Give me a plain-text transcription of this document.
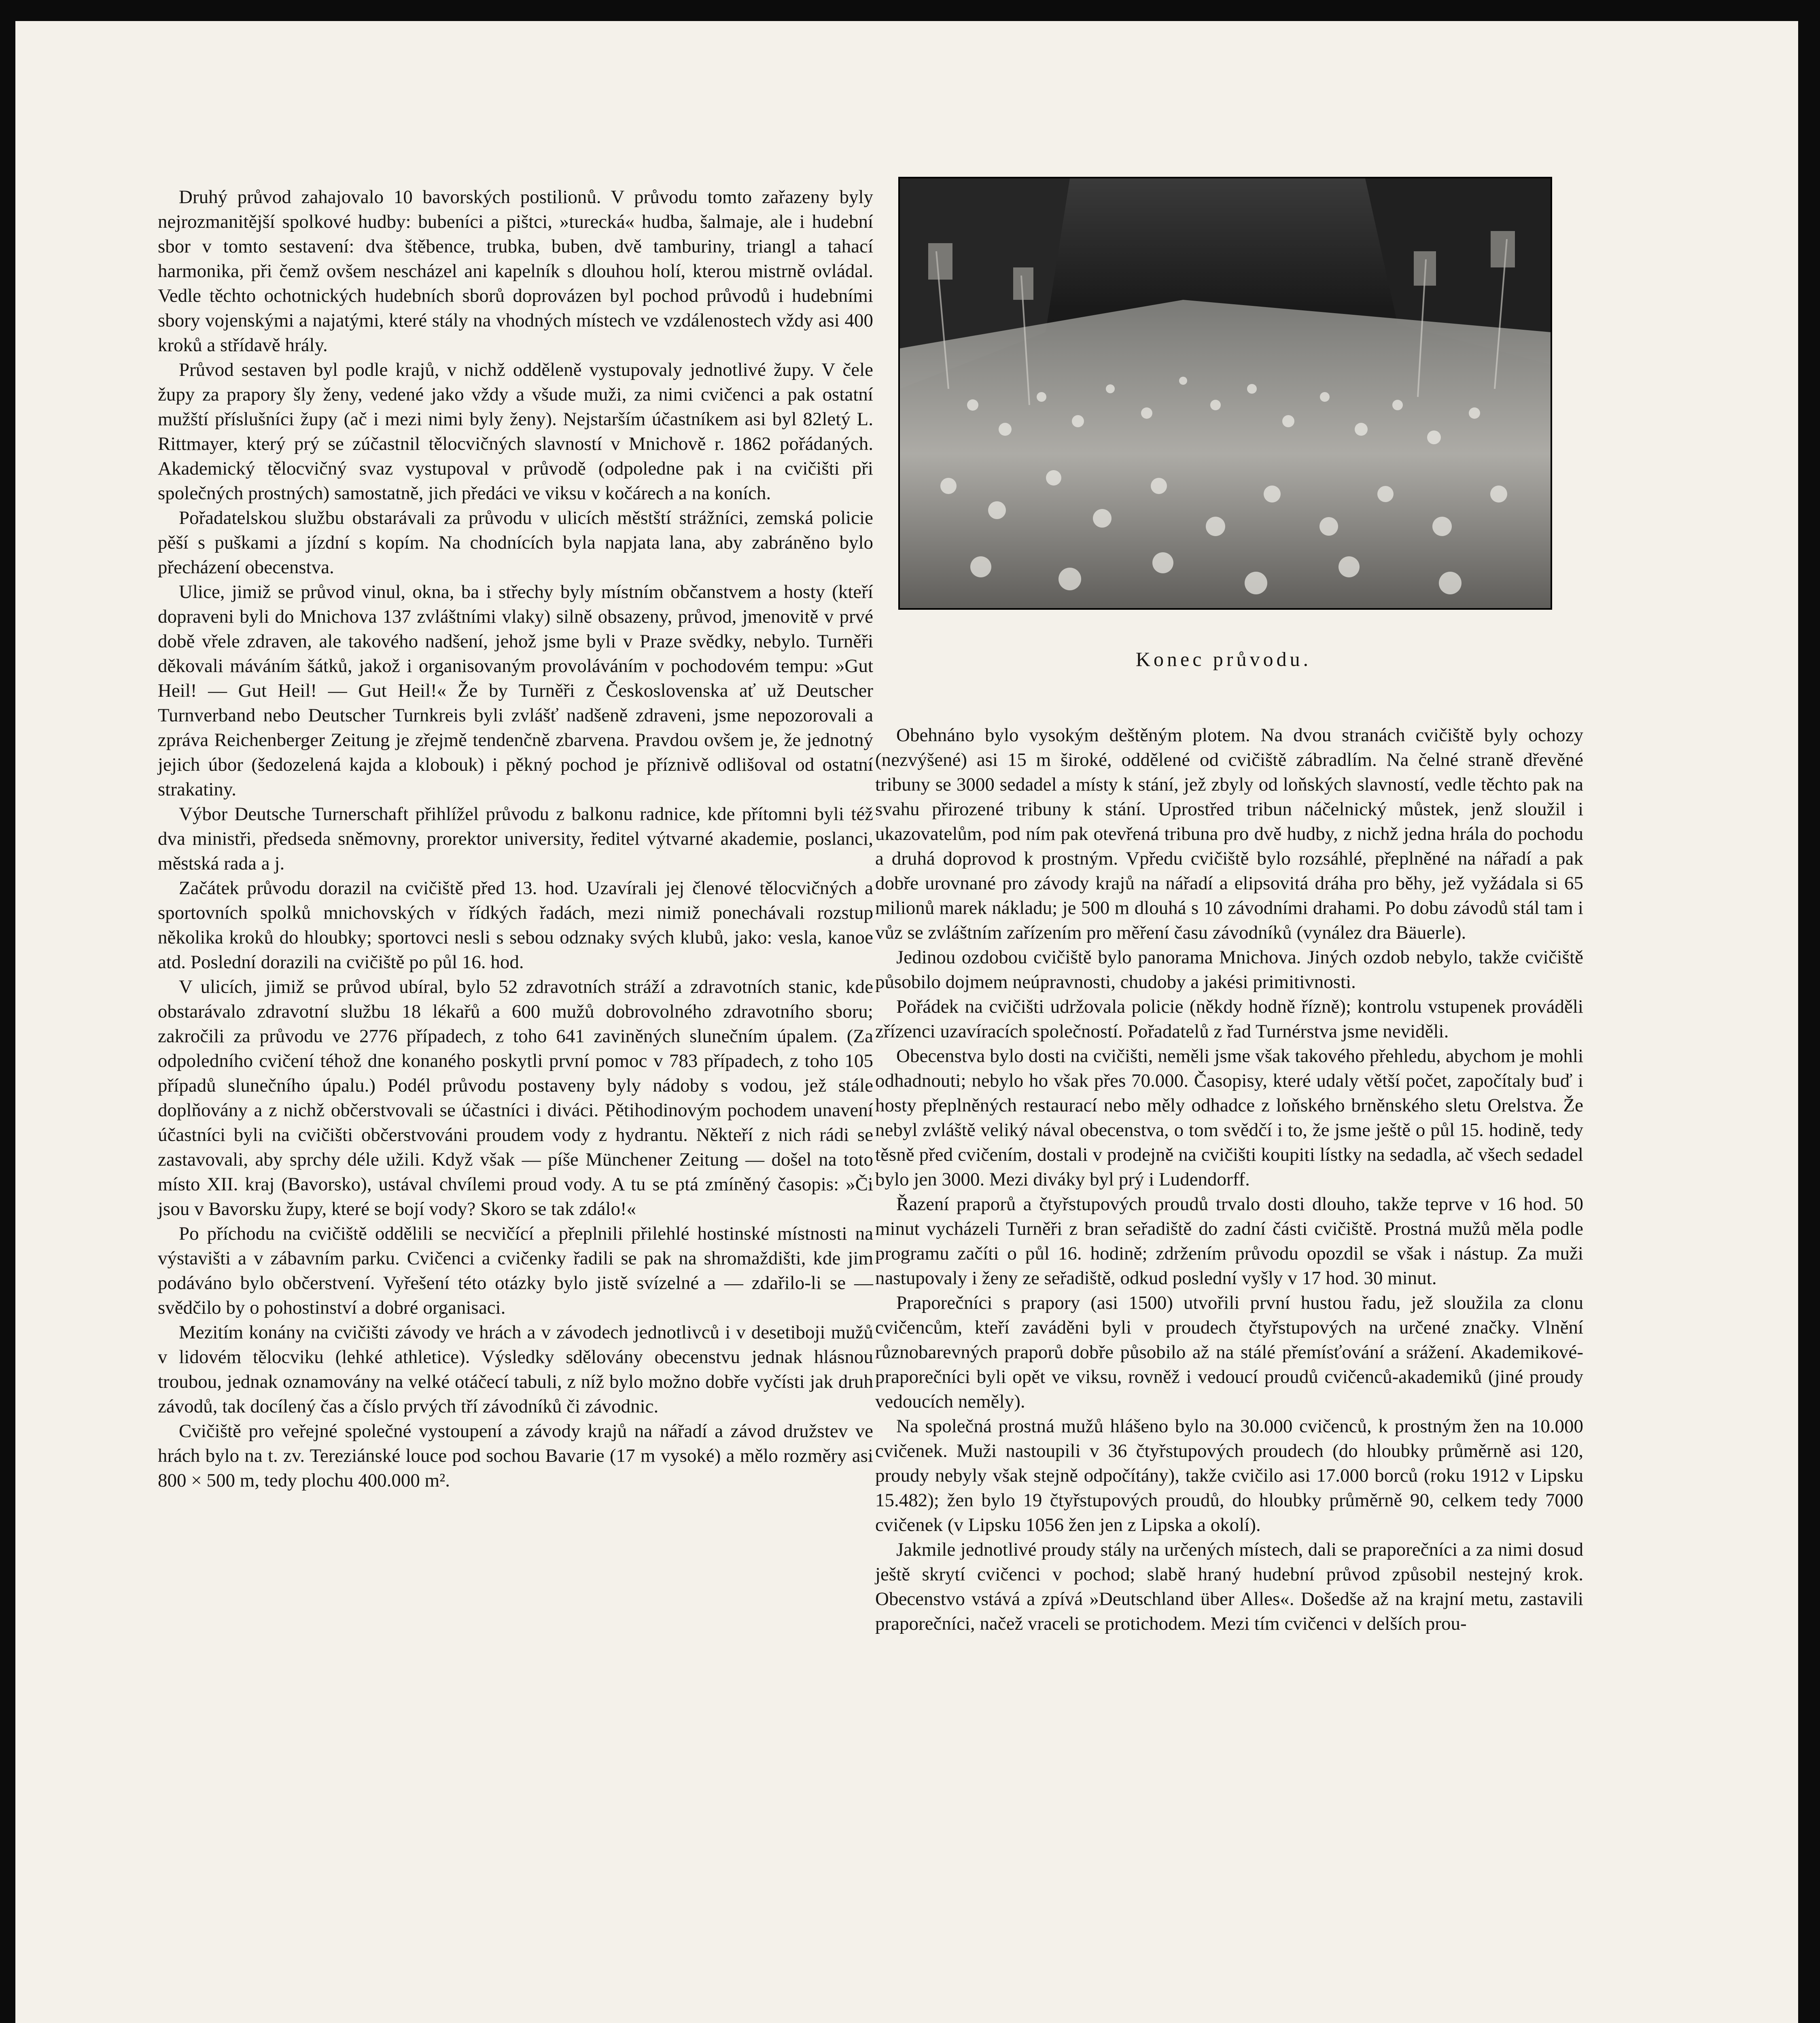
Druhý průvod zahajovalo 10 bavorských postilionů. V průvodu tomto zařazeny byly nejrozmanitější spolkové hudby: bubeníci a pištci, »turecká« hudba, šalmaje, ale i hudební sbor v tomto sestavení: dva štěbence, trubka, buben, dvě tamburiny, triangl a tahací harmonika, při čemž ovšem nescházel ani kapelník s dlouhou holí, kterou mistrně ovládal. Vedle těchto ochotnických hudebních sborů doprovázen byl pochod průvodů i hudebními sbory vojenskými a najatými, které stály na vhodných místech ve vzdálenostech vždy asi 400 kroků a střídavě hrály.

Průvod sestaven byl podle krajů, v nichž odděleně vystupovaly jednotlivé župy. V čele župy za prapory šly ženy, vedené jako vždy a všude muži, za nimi cvičenci a pak ostatní mužští příslušníci župy (ač i mezi nimi byly ženy). Nejstarším účastníkem asi byl 82letý L. Rittmayer, který prý se zúčastnil tělocvičných slavností v Mnichově r. 1862 pořádaných. Akademický tělocvičný svaz vystupoval v průvodě (odpoledne pak i na cvičišti při společných prostných) samostatně, jich předáci ve viksu v kočárech a na koních.

Pořadatelskou službu obstarávali za průvodu v ulicích městští strážníci, zemská policie pěší s puškami a jízdní s kopím. Na chodnících byla napjata lana, aby zabráněno bylo přecházení obecenstva.

Ulice, jimiž se průvod vinul, okna, ba i střechy byly místním občanstvem a hosty (kteří dopraveni byli do Mnichova 137 zvláštními vlaky) silně obsazeny, průvod, jmenovitě v prvé době vřele zdraven, ale takového nadšení, jehož jsme byli v Praze svědky, nebylo. Turněři děkovali máváním šátků, jakož i organisovaným provoláváním v pochodovém tempu: »Gut Heil! — Gut Heil! — Gut Heil!« Že by Turněři z Československa ať už Deutscher Turnverband nebo Deutscher Turnkreis byli zvlášť nadšeně zdraveni, jsme nepozorovali a zpráva Reichenberger Zeitung je zřejmě tendenčně zbarvena. Pravdou ovšem je, že jednotný jejich úbor (šedozelená kajda a klobouk) i pěkný pochod je příznivě odlišoval od ostatní strakatiny.

Výbor Deutsche Turnerschaft přihlížel průvodu z balkonu radnice, kde přítomni byli též dva ministři, předseda sněmovny, prorektor university, ředitel výtvarné akademie, poslanci, městská rada a j.

Začátek průvodu dorazil na cvičiště před 13. hod. Uzavírali jej členové tělocvičných a sportovních spolků mnichovských v řídkých řadách, mezi nimiž ponechávali rozstup několika kroků do hloubky; sportovci nesli s sebou odznaky svých klubů, jako: vesla, kanoe atd. Poslední dorazili na cvičiště po půl 16. hod.

V ulicích, jimiž se průvod ubíral, bylo 52 zdravotních stráží a zdravotních stanic, kde obstarávalo zdravotní službu 18 lékařů a 600 mužů dobrovolného zdravotního sboru; zakročili za průvodu ve 2776 případech, z toho 641 zaviněných slunečním úpalem. (Za odpoledního cvičení téhož dne konaného poskytli první pomoc v 783 případech, z toho 105 případů slunečního úpalu.) Podél průvodu postaveny byly nádoby s vodou, jež stále doplňovány a z nichž občerstvovali se účastníci i diváci. Pětihodinovým pochodem unavení účastníci byli na cvičišti občerstvováni proudem vody z hydrantu. Někteří z nich rádi se zastavovali, aby sprchy déle užili. Když však — píše Münchener Zeitung — došel na toto místo XII. kraj (Bavorsko), ustával chvílemi proud vody. A tu se ptá zmíněný časopis: »Či jsou v Bavorsku župy, které se bojí vody? Skoro se tak zdálo!«

Po příchodu na cvičiště oddělili se necvičící a přeplnili přilehlé hostinské místnosti na výstavišti a v zábavním parku. Cvičenci a cvičenky řadili se pak na shromaždišti, kde jim podáváno bylo občerstvení. Vyřešení této otázky bylo jistě svízelné a — zdařilo-li se — svědčilo by o pohostinství a dobré organisaci.

Mezitím konány na cvičišti závody ve hrách a v závodech jednotlivců i v desetiboji mužů v lidovém tělocviku (lehké athletice). Výsledky sdělovány obecenstvu jednak hlásnou troubou, jednak oznamovány na velké otáčecí tabuli, z níž bylo možno dobře vyčísti jak druh závodů, tak docílený čas a číslo prvých tří závodníků či závodnic.

Cvičiště pro veřejné společné vystoupení a závody krajů na nářadí a závod družstev ve hrách bylo na t. zv. Tereziánské louce pod sochou Bavarie (17 m vysoké) a mělo rozměry asi 800 × 500 m, tedy plochu 400.000 m².

Konec průvodu.

Obehnáno bylo vysokým deštěným plotem. Na dvou stranách cvičiště byly ochozy (nezvýšené) asi 15 m široké, oddělené od cvičiště zábradlím. Na čelné straně dřevěné tribuny se 3000 sedadel a místy k stání, jež zbyly od loňských slavností, vedle těchto pak na svahu přirozené tribuny k stání. Uprostřed tribun náčelnický můstek, jenž sloužil i ukazovatelům, pod ním pak otevřená tribuna pro dvě hudby, z nichž jedna hrála do pochodu a druhá doprovod k prostným. Vpředu cvičiště bylo rozsáhlé, přeplněné na nářadí a pak dobře urovnané pro závody krajů na nářadí a elipsovitá dráha pro běhy, jež vyžádala si 65 milionů marek nákladu; je 500 m dlouhá s 10 závodními drahami. Po dobu závodů stál tam i vůz se zvláštním zařízením pro měření času závodníků (vynález dra Bäuerle).

Jedinou ozdobou cvičiště bylo panorama Mnichova. Jiných ozdob nebylo, takže cvičiště působilo dojmem neúpravnosti, chudoby a jakési primitivnosti.

Pořádek na cvičišti udržovala policie (někdy hodně řízně); kontrolu vstupenek prováděli zřízenci uzavíracích společností. Pořadatelů z řad Turnérstva jsme neviděli.

Obecenstva bylo dosti na cvičišti, neměli jsme však takového přehledu, abychom je mohli odhadnouti; nebylo ho však přes 70.000. Časopisy, které udaly větší počet, započítaly buď i hosty přeplněných restaurací nebo měly odhadce z loňského brněnského sletu Orelstva. Že nebyl zvláště veliký nával obecenstva, o tom svědčí i to, že jsme ještě o půl 15. hodině, tedy těsně před cvičením, dostali v prodejně na cvičišti koupiti lístky na sedadla, ač všech sedadel bylo jen 3000. Mezi diváky byl prý i Ludendorff.

Řazení praporů a čtyřstupových proudů trvalo dosti dlouho, takže teprve v 16 hod. 50 minut vycházeli Turněři z bran seřadiště do zadní části cvičiště. Prostná mužů měla podle programu začíti o půl 16. hodině; zdržením průvodu opozdil se však i nástup. Za muži nastupovaly i ženy ze seřadiště, odkud poslední vyšly v 17 hod. 30 minut.

Praporečníci s prapory (asi 1500) utvořili první hustou řadu, jež sloužila za clonu cvičencům, kteří zaváděni byli v proudech čtyřstupových na určené značky. Vlnění různobarevných praporů dobře působilo až na stálé přemísťování a srážení. Akademikové-praporečníci byli opět ve viksu, rovněž i vedoucí proudů cvičenců-akademiků (jiné proudy vedoucích neměly).

Na společná prostná mužů hlášeno bylo na 30.000 cvičenců, k prostným žen na 10.000 cvičenek. Muži nastoupili v 36 čtyřstupových proudech (do hloubky průměrně asi 120, proudy nebyly však stejně odpočítány), takže cvičilo asi 17.000 borců (roku 1912 v Lipsku 15.482); žen bylo 19 čtyřstupových proudů, do hloubky průměrně 90, celkem tedy 7000 cvičenek (v Lipsku 1056 žen jen z Lipska a okolí).

Jakmile jednotlivé proudy stály na určených místech, dali se praporečníci a za nimi dosud ještě skrytí cvičenci v pochod; slabě hraný hudební průvod způsobil nestejný krok. Obecenstvo vstává a zpívá »Deutschland über Alles«. Došedše až na krajní metu, zastavili praporečníci, načež vraceli se protichodem. Mezi tím cvičenci v delších prou-
